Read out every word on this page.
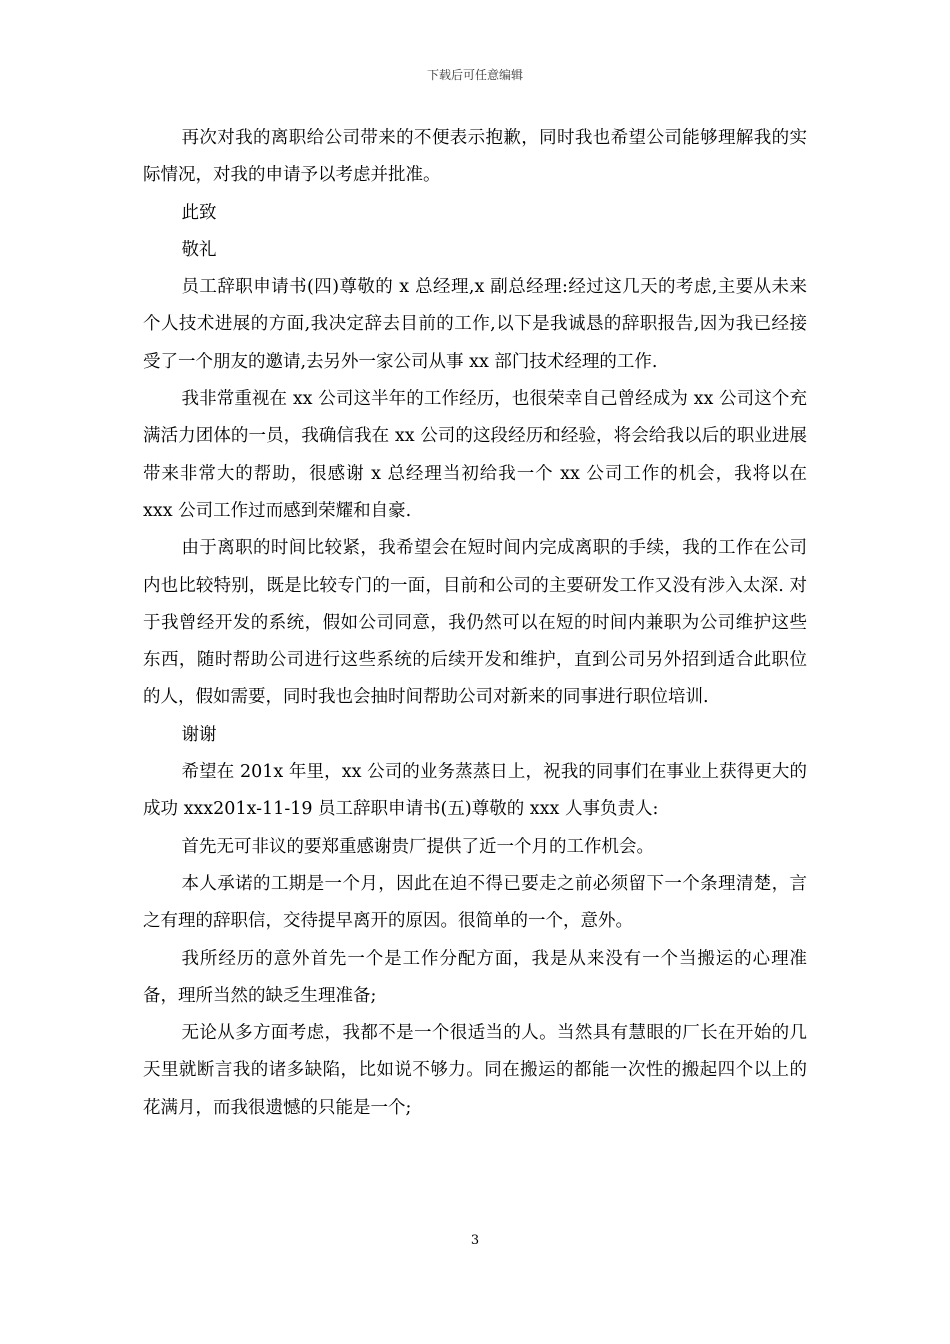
下载后可任意编辑

再次对我的离职给公司带来的不便表示抱歉，同时我也希望公司能够理解我的实际情况，对我的申请予以考虑并批准。

此致

敬礼

员工辞职申请书(四)尊敬的 x 总经理,x 副总经理:经过这几天的考虑,主要从未来个人技术进展的方面,我决定辞去目前的工作,以下是我诚恳的辞职报告,因为我已经接受了一个朋友的邀请,去另外一家公司从事 xx 部门技术经理的工作.

我非常重视在 xx 公司这半年的工作经历，也很荣幸自己曾经成为 xx 公司这个充满活力团体的一员，我确信我在 xx 公司的这段经历和经验，将会给我以后的职业进展带来非常大的帮助，很感谢 x 总经理当初给我一个 xx 公司工作的机会，我将以在 xxx 公司工作过而感到荣耀和自豪.

由于离职的时间比较紧，我希望会在短时间内完成离职的手续，我的工作在公司内也比较特别，既是比较专门的一面，目前和公司的主要研发工作又没有涉入太深. 对于我曾经开发的系统，假如公司同意，我仍然可以在短的时间内兼职为公司维护这些东西，随时帮助公司进行这些系统的后续开发和维护，直到公司另外招到适合此职位的人，假如需要，同时我也会抽时间帮助公司对新来的同事进行职位培训.

谢谢

希望在 201x 年里，xx 公司的业务蒸蒸日上，祝我的同事们在事业上获得更大的成功 xxx201x-11-19 员工辞职申请书(五)尊敬的 xxx 人事负责人:

首先无可非议的要郑重感谢贵厂提供了近一个月的工作机会。

本人承诺的工期是一个月，因此在迫不得已要走之前必须留下一个条理清楚，言之有理的辞职信，交待提早离开的原因。很简单的一个，意外。

我所经历的意外首先一个是工作分配方面，我是从来没有一个当搬运的心理准备，理所当然的缺乏生理准备;

无论从多方面考虑，我都不是一个很适当的人。当然具有慧眼的厂长在开始的几天里就断言我的诸多缺陷，比如说不够力。同在搬运的都能一次性的搬起四个以上的花满月，而我很遗憾的只能是一个;

3
